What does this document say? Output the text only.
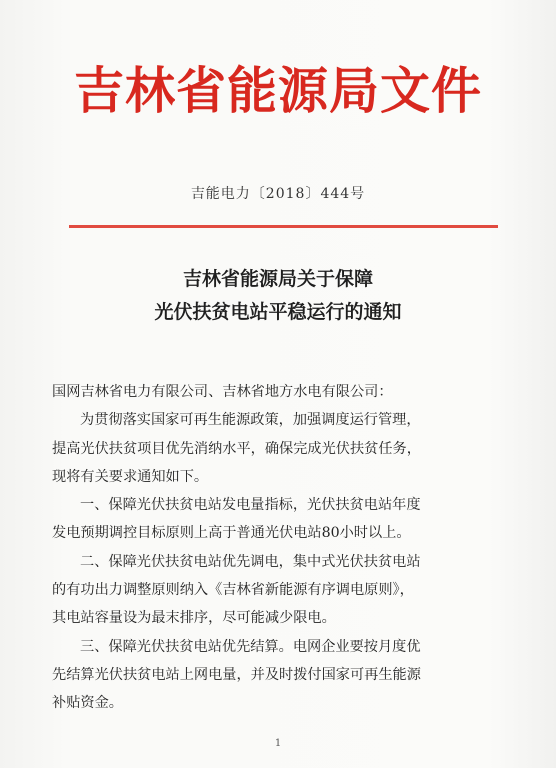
吉林省能源局文件
吉能电力〔2018〕444号
吉林省能源局关于保障
光伏扶贫电站平稳运行的通知
国网吉林省电力有限公司、吉林省地方水电有限公司：
为贯彻落实国家可再生能源政策，加强调度运行管理，
提高光伏扶贫项目优先消纳水平，确保完成光伏扶贫任务，
现将有关要求通知如下。
一、保障光伏扶贫电站发电量指标，光伏扶贫电站年度
发电预期调控目标原则上高于普通光伏电站80小时以上。
二、保障光伏扶贫电站优先调电，集中式光伏扶贫电站
的有功出力调整原则纳入《吉林省新能源有序调电原则》，
其电站容量设为最末排序，尽可能减少限电。
三、保障光伏扶贫电站优先结算。电网企业要按月度优
先结算光伏扶贫电站上网电量，并及时拨付国家可再生能源
补贴资金。
1
